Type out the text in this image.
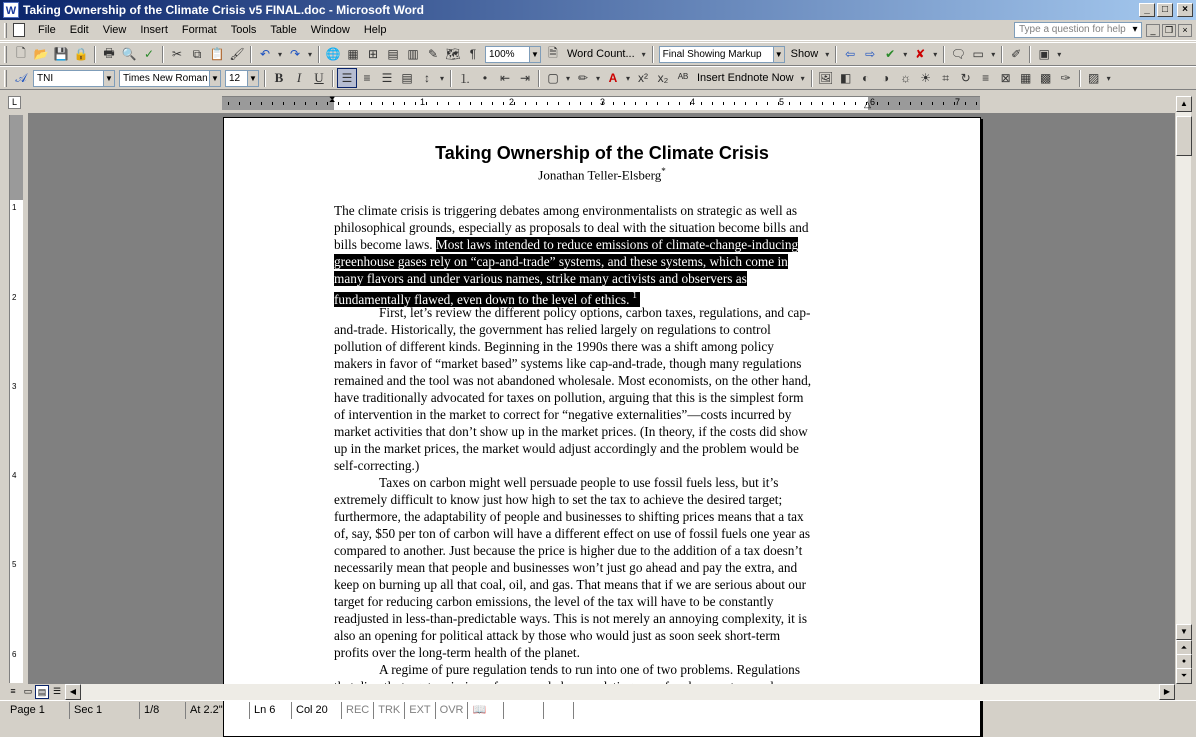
W Taking Ownership of the Climate Crisis v5 FINAL.doc - Microsoft Word	_	□	×
File	Edit	View	Insert	Format	Tools	Table	Window	Help	Type a question for help ▾	_	❐	×
🗋 📂 💾 🔒	🖶 🔍 ✓	✂ ⧉ 📋 🖌	↶ ▾ ↷ ▾ 🌐 ▦ ⊞ ▤ ▥ ✎ 🗺 ¶	100% ▼ 🗎 Word Count... ▾	Final Showing Markup ▼ Show ▾	⇦ ⇨ ✔ ▾ ✘ ▾ 🗨 ▭ ▾	✐	▣ ▾
𝒜	TNI	▼ Times New Roman ▼ 12 ▼	B	I	U	☰ ≡ ☰ ▤ ↕	▾	⒈ •	⇤ ⇥	▢ ▾ ✏ ▾ A	▾ x² x₂ ᴬᴮ Insert Endnote Now ▾ 🖼 ◧ ◐	◑ ☼ ☀ ⌗ ↻ ≡ ⊠ ▦ ▩ ✑	▨ ▾
L	1	2	3	4	5	6	7
⧗	△
1
2
3
4
5
6
Taking Ownership of the Climate Crisis
Jonathan Teller-Elsberg*
The climate crisis is triggering debates among environmentalists on strategic as well as
philosophical grounds, especially as proposals to deal with the situation become bills and
bills become laws. Most laws intended to reduce emissions of climate-change-inducing
greenhouse gases rely on “cap-and-trade” systems, and these systems, which come in
many flavors and under various names, strike many activists and observers as
fundamentally flawed, even down to the level of ethics. $^1$
First, let’s review the different policy options, carbon taxes, regulations, and cap-
and-trade. Historically, the government has relied largely on regulations to control
pollution of different kinds. Beginning in the 1990s there was a shift among policy
makers in favor of “market based” systems like cap-and-trade, though many regulations
remained and the tool was not abandoned wholesale. Most economists, on the other hand,
have traditionally advocated for taxes on pollution, arguing that this is the simplest form
of intervention in the market to correct for “negative externalities”—costs incurred by
market activities that don’t show up in the market prices. (In theory, if the costs did show
up in the market prices, the market would adjust accordingly and the problem would be
self-correcting.)
Taxes on carbon might well persuade people to use fossil fuels less, but it’s
extremely difficult to know just how high to set the tax to achieve the desired target;
furthermore, the adaptability of people and businesses to shifting prices means that a tax
of, say, $50 per ton of carbon will have a different effect on use of fossil fuels one year as
compared to another. Just because the price is higher due to the addition of a tax doesn’t
necessarily mean that people and businesses won’t just go ahead and pay the extra, and
keep on burning up all that coal, oil, and gas. That means that if we are serious about our
target for reducing carbon emissions, the level of the tax will have to be constantly
readjusted in less-than-predictable ways. This is not merely an annoying complexity, it is
also an opening for political attack by those who would just as soon seek short-term
profits over the long-term health of the planet.
A regime of pure regulation tends to run into one of two problems. Regulations
▲
▼
⏶
●
⏷
≡ ▭ ▤ ☰	◀	▶
Page 1	Sec 1	1/8	At 2.2"	Ln 6	Col 20	REC TRK EXT OVR 📖
